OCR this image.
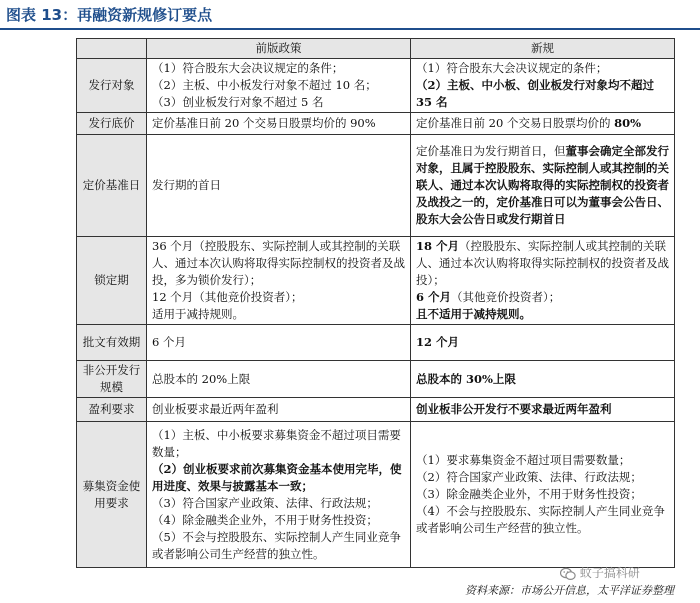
图表 13：再融资新规修订要点
	前版政策	新规
发行对象	（1）符合股东大会决议规定的条件；
（2）主板、中小板发行对象不超过 10 名；
（3）创业板发行对象不超过 5 名	（1）符合股东大会决议规定的条件；
（2）主板、中小板、创业板发行对象均不超过 35 名

发行底价	定价基准日前 20 个交易日股票均价的 90%	定价基准日前 20 个交易日股票均价的 80%
定价基准日	发行期的首日	定价基准日为发行期首日，但董事会确定全部发行对象，且属于控股股东、实际控制人或其控制的关联人、通过本次认购将取得的实际控制权的投资者及战投之一的，定价基准日可以为董事会公告日、股东大会公告日或发行期首日
锁定期	36 个月（控股股东、实际控制人或其控制的关联人、通过本次认购将取得实际控制权的投资者及战投，多为锁价发行）；
12 个月（其他竞价投资者）；
适用于减持规则。	18 个月（控股股东、实际控制人或其控制的关联人、通过本次认购将取得实际控制权的投资者及战投）；
6 个月（其他竞价投资者）；
且不适用于减持规则。

批文有效期	6 个月	12 个月
非公开发行规模	总股本的 20%上限	总股本的 30%上限
盈利要求	创业板要求最近两年盈利	创业板非公开发行不要求最近两年盈利
募集资金使用要求	（1）主板、中小板要求募集资金不超过项目需要数量；
（2）创业板要求前次募集资金基本使用完毕，使用进度、效果与披露基本一致；
（3）符合国家产业政策、法律、行政法规；
（4）除金融类企业外，不用于财务性投资；
（5）不会与控股股东、实际控制人产生同业竞争或者影响公司生产经营的独立性。	（1）要求募集资金不超过项目需要数量；
（2）符合国家产业政策、法律、行政法规；
（3）除金融类企业外，不用于财务性投资；
（4）不会与控股股东、实际控制人产生同业竞争或者影响公司生产经营的独立性。
蚊子搞科研
资料来源：市场公开信息，太平洋证券整理
